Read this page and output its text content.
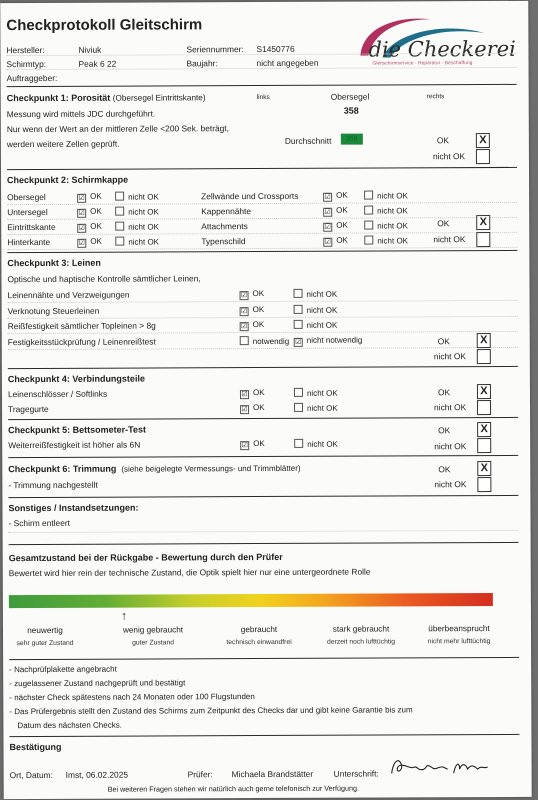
Checkprotokoll Gleitschirm
die Checkerei
Gleitschirmservice · Reparatur · Beschaffung
Hersteller:	Niviuk
Schirmtyp:	Peak 6 22
Auftraggeber:
Seriennummer: S1450776
Baujahr:	nicht angegeben
Checkpunkt 1: Porosität (Obersegel Eintrittskante)	links	Obersegel	rechts
Messung wird mittels JDC durchgeführt.	358
Nur wenn der Wert an der mittleren Zelle <200 Sek. beträgt,
werden weitere Zellen geprüft.	Durchschnitt	358	OK	X
nicht OK
Checkpunkt 2: Schirmkappe
Obersegel	☑ OK	nicht OK	Zellwände und Crossports	☑ OK	nicht OK
Untersegel	☑ OK	nicht OK	Kappennähte	☑ OK	nicht OK
Eintrittskante	☑ OK	nicht OK	Attachments	☑ OK	nicht OK
Hinterkante	☑ OK	nicht OK	Typenschild	☑ OK	nicht OK
OK	X
nicht OK
Checkpunkt 3: Leinen
Optische und haptische Kontrolle sämtlicher Leinen,
Leinennähte und Verzweigungen	☑ OK	nicht OK
Verknotung Steuerleinen	☑ OK	nicht OK
Reißfestigkeit sämtlicher Topleinen > 8g	☑ OK	nicht OK
Festigkeitsstückprüfung / Leinenreißtest	notwendig ☑ nicht notwendig	OK	X
nicht OK
Checkpunkt 4: Verbindungsteile
Leinenschlösser / Softlinks	☑ OK	nicht OK
Tragegurte	☑ OK	nicht OK
OK	X
nicht OK
Checkpunkt 5: Bettsometer-Test
Weiterreißfestigkeit ist höher als 6N	☑ OK	nicht OK
OK	X
nicht OK
Checkpunkt 6: Trimmung (siehe beigelegte Vermessungs- und Trimmblätter)
- Trimmung nachgestellt
OK	X
nicht OK
Sonstiges / Instandsetzungen:
- Schirm entleert
Gesamtzustand bei der Rückgabe - Bewertung durch den Prüfer
Bewertet wird hier rein der technische Zustand, die Optik spielt hier nur eine untergeordnete Rolle
↑
neuwertig
sehr guter Zustand
wenig gebraucht
guter Zustand
gebraucht
technisch einwandfrei
stark gebraucht
derzeit noch lufttüchtig
überbeansprucht
nicht mehr lufttüchtig
- Nachprüfplakette angebracht
- zugelassener Zustand nachgeprüft und bestätigt
- nächster Check spätestens nach 24 Monaten oder 100 Flugstunden
- Das Prüfergebnis stellt den Zustand des Schirms zum Zeitpunkt des Checks dar und gibt keine Garantie bis zum
Datum des nächsten Checks.
Bestätigung
Ort, Datum: Imst, 06.02.2025	Prüfer: Michaela Brandstätter Unterschrift:
Bei weiteren Fragen stehen wir natürlich auch gerne telefonisch zur Verfügung.
